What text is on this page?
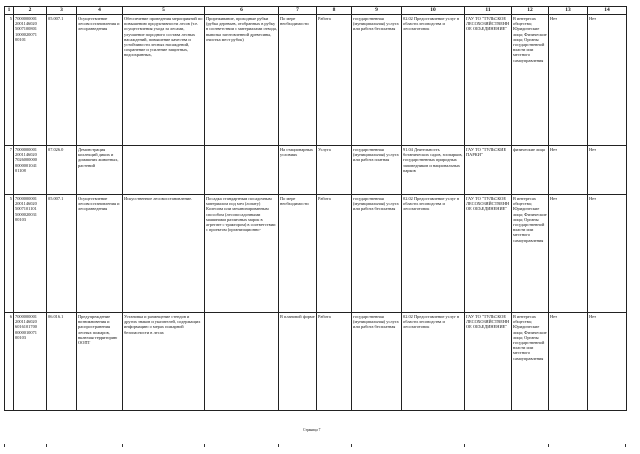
1	2	3	4	5	6	7	8	9	10	11	12	13	14
5	7000000001 2001146020 5007100801 1000020071 00101	05.007.1	Осуществление лесовосстановления и лесоразведения	Обеспечение проведения мероприятий по повышению продуктивности лесов (т.е. осуществления ухода за лесами, улучшение породного состава лесных насаждений, повышение качества и устойчивости лесных насаждений, сохранение и усиление защитных, водоохранных,	Прореживание, проходные рубки (рубка деревьев, отобранных в рубку в соответствии с материалами отвода, вывозка заготовленной древесины, очистка мест рубок)	По мере необходимости	Работа	государственная (муниципальная) услуга или работа бесплатная	02.02 Предоставление услуг в области лесоводства и лесозаготовок	ГАУ ТО "ТУЛЬСКОЕ ЛЕСОХОЗЯЙСТВЕННОЕ ОБЪЕДИНЕНИЕ"	В интересах общества; Юридические лица; Физические лица; Органы государственной власти или местного самоуправления	Нет	Нет
7	7000000001 2001146020 7026000000 0000001041 01108	07.026.0	Демонстрация коллекций диких и домашних животных, растений			На стационарных условиях	Услуга	государственная (муниципальная) услуга или работа платная	91.04 Деятельность ботанических садов, зоопарков, государственных природных заповедников и национальных парков	ГАУ ТО "ТУЛЬСКИЕ ПАРКИ"	физические лица	Нет	Нет
5	7000000001 2001146020 5007101101 5000020031 00103	05.007.1	Осуществление лесовосстановления и лесоразведения	Искусственное лесовосстановление.	Посадка стандартным посадочным материалом под меч (лопату) Колесова или механизированным способом (лесопосадочными машинами различных марок в агрегате с трактором) в соответствии с проектом (организационно-	По мере необходимости	Работа	государственная (муниципальная) услуга или работа бесплатная	02.02 Предоставление услуг в области лесоводства и лесозаготовок	ГАУ ТО "ТУЛЬСКОЕ ЛЕСОХОЗЯЙСТВЕННОЕ ОБЪЕДИНЕНИЕ"	В интересах общества; Юридические лица; Физические лица; Органы государственной власти или местного самоуправления	Нет	Нет
6	7000000001 2001146020 6016101700 0000010071 00103	06.016.1	Предупреждение возникновения и распространения лесных пожаров, включая территорию ООПТ	Установка и размещение стендов и других знаков и указателей, содержащих информацию о мерах пожарной безопасности в лесах		В плановой форме	Работа	государственная (муниципальная) услуга или работа бесплатная	02.02 Предоставление услуг в области лесоводства и лесозаготовок	ГАУ ТО "ТУЛЬСКОЕ ЛЕСОХОЗЯЙСТВЕННОЕ ОБЪЕДИНЕНИЕ"	В интересах общества; Юридические лица; Физические лица; Органы государственной власти или местного самоуправления	Нет	Нет
Страница 7
